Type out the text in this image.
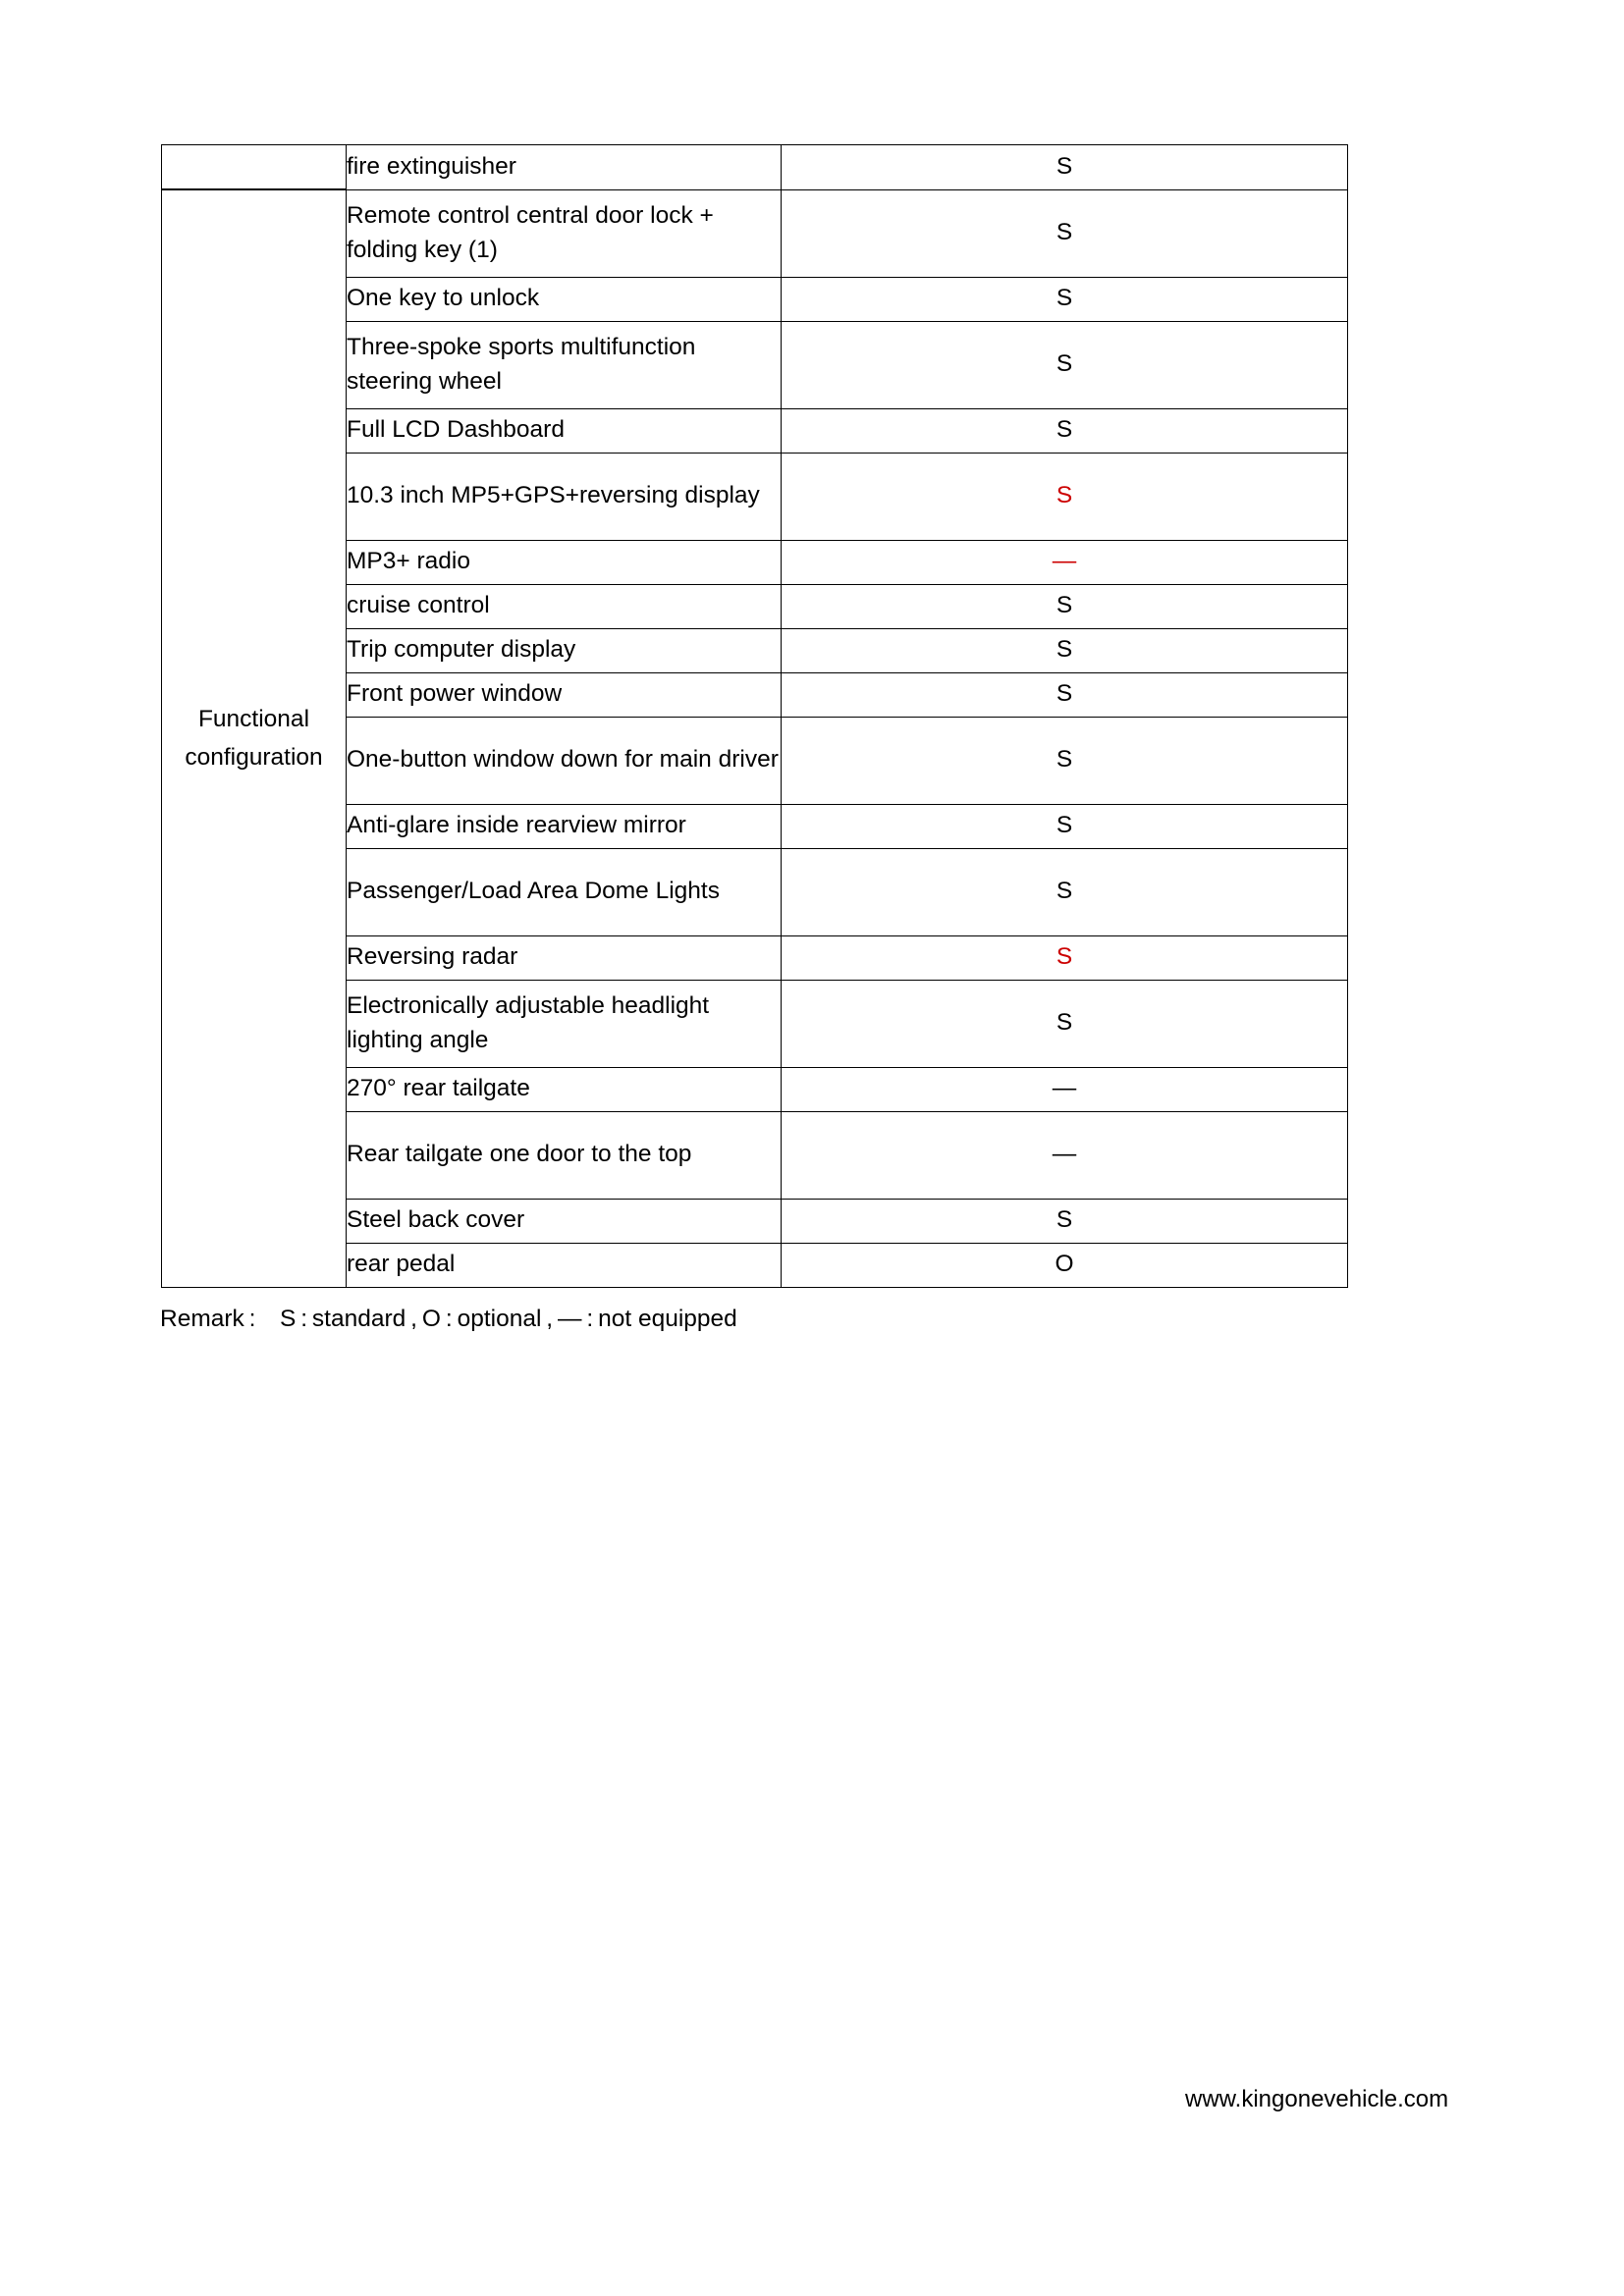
	fire extinguisher	S
Functional configuration	Remote control central door lock + folding key (1)	S
	One key to unlock	S
	Three-spoke sports multifunction steering wheel	S
	Full LCD Dashboard	S
	10.3 inch MP5+GPS+reversing display	S
	MP3+ radio	—
	cruise control	S
	Trip computer display	S
	Front power window	S
	One-button window down for main driver	S
	Anti-glare inside rearview mirror	S
	Passenger/Load Area Dome Lights	S
	Reversing radar	S
	Electronically adjustable headlight lighting angle	S
	270° rear tailgate	—
	Rear tailgate one door to the top	—
	Steel back cover	S
	rear pedal	O
Remark : S : standard , O : optional , — : not equipped
www.kingonevehicle.com
